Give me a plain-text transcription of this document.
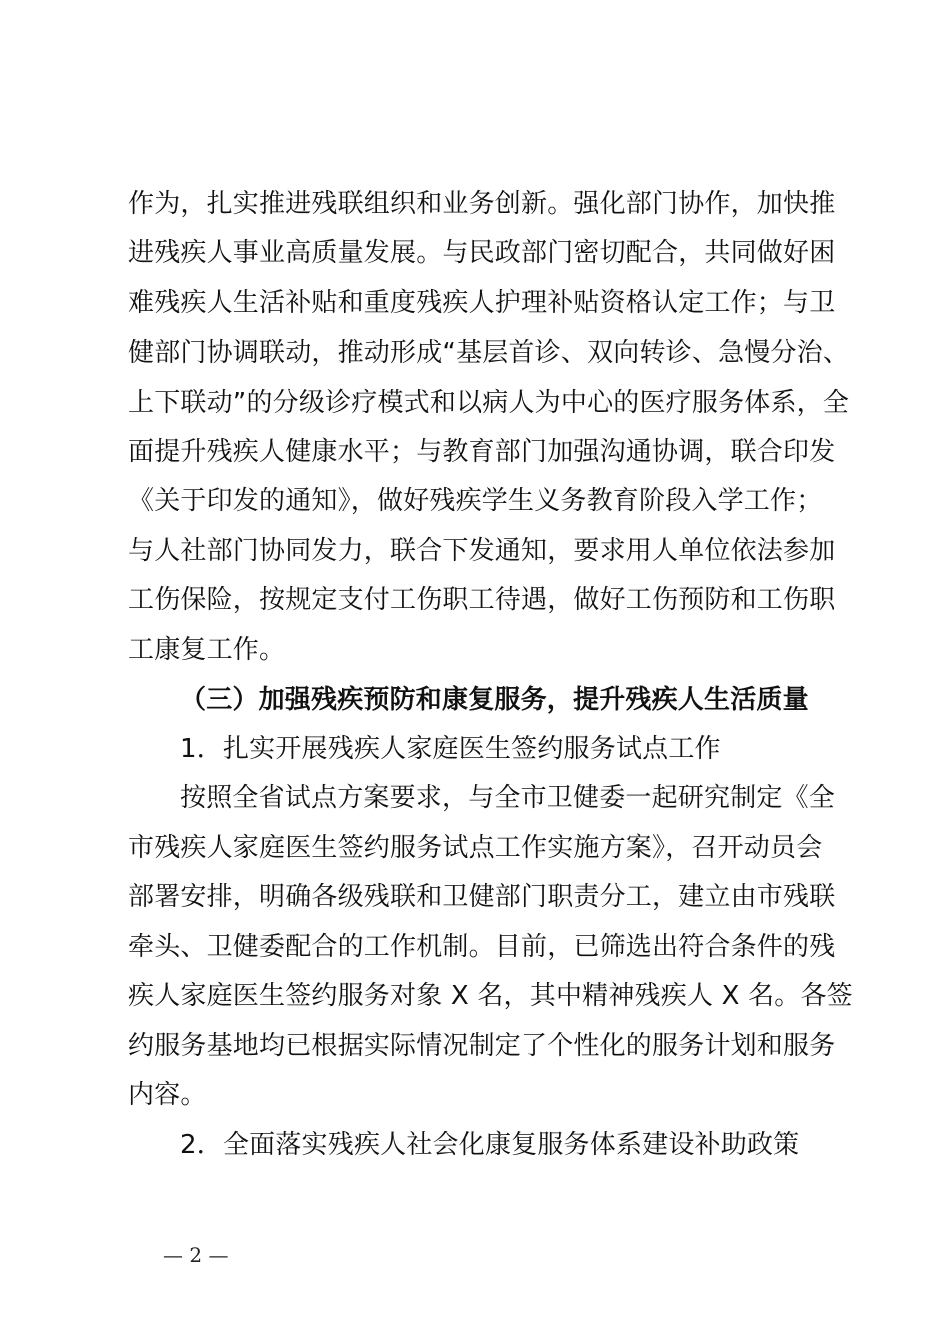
作为，扎实推进残联组织和业务创新。强化部门协作，加快推
进残疾人事业高质量发展。与民政部门密切配合，共同做好困
难残疾人生活补贴和重度残疾人护理补贴资格认定工作；与卫
健部门协调联动，推动形成“基层首诊、双向转诊、急慢分治、
上下联动”的分级诊疗模式和以病人为中心的医疗服务体系，全
面提升残疾人健康水平；与教育部门加强沟通协调，联合印发
《关于印发的通知》，做好残疾学生义务教育阶段入学工作；
与人社部门协同发力，联合下发通知，要求用人单位依法参加
工伤保险，按规定支付工伤职工待遇，做好工伤预防和工伤职
工康复工作。
（三）加强残疾预防和康复服务，提升残疾人生活质量
1．扎实开展残疾人家庭医生签约服务试点工作
按照全省试点方案要求，与全市卫健委一起研究制定《全
市残疾人家庭医生签约服务试点工作实施方案》，召开动员会
部署安排，明确各级残联和卫健部门职责分工，建立由市残联
牵头、卫健委配合的工作机制。目前，已筛选出符合条件的残
疾人家庭医生签约服务对象 X 名，其中精神残疾人 X 名。各签
约服务基地均已根据实际情况制定了个性化的服务计划和服务
内容。
2．全面落实残疾人社会化康复服务体系建设补助政策
— 2 —
